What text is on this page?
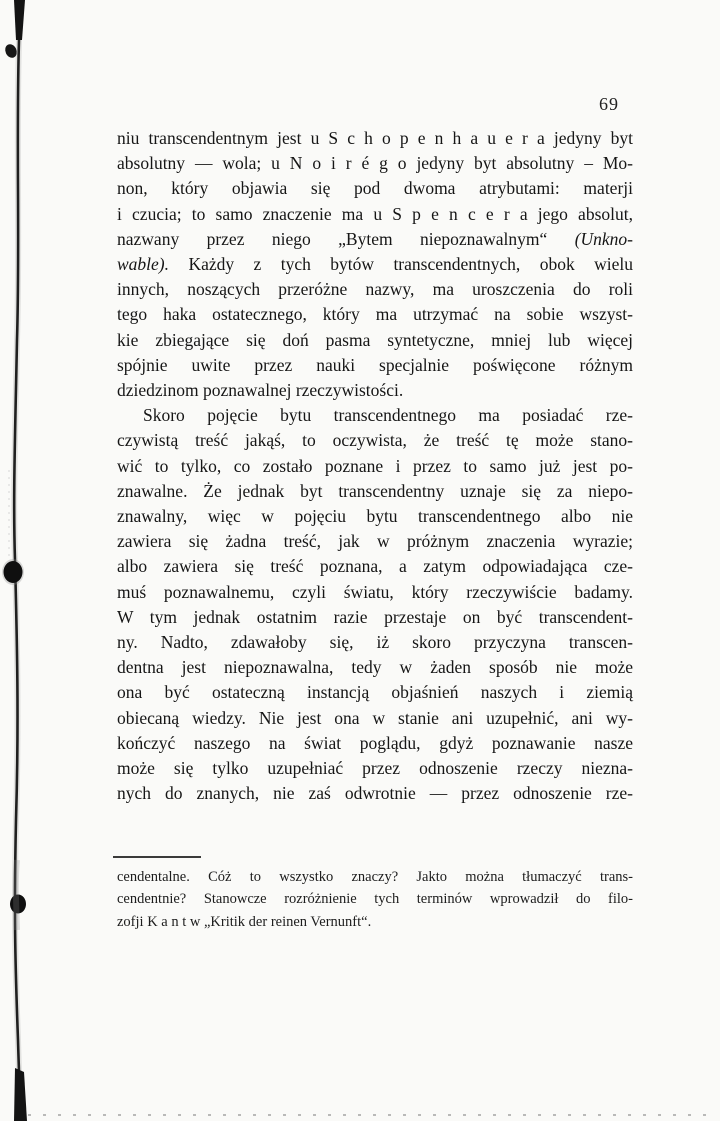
69
niu transcendentnym jest u S c h o p e n h a u e r a jedyny byt
absolutny — wola; u N o i r é g o jedyny byt absolutny – Mo-
non, który objawia się pod dwoma atrybutami: materji
i czucia; to samo znaczenie ma u S p e n c e r a jego absolut,
nazwany przez niego „Bytem niepoznawalnym“ (Unkno-
wable). Każdy z tych bytów transcendentnych, obok wielu
innych, noszących przeróżne nazwy, ma uroszczenia do roli
tego haka ostatecznego, który ma utrzymać na sobie wszyst-
kie zbiegające się doń pasma syntetyczne, mniej lub więcej
spójnie uwite przez nauki specjalnie poświęcone różnym
dziedzinom poznawalnej rzeczywistości.
Skoro pojęcie bytu transcendentnego ma posiadać rze-
czywistą treść jakąś, to oczywista, że treść tę może stano-
wić to tylko, co zostało poznane i przez to samo już jest po-
znawalne. Że jednak byt transcendentny uznaje się za niepo-
znawalny, więc w pojęciu bytu transcendentnego albo nie
zawiera się żadna treść, jak w próżnym znaczenia wyrazie;
albo zawiera się treść poznana, a zatym odpowiadająca cze-
muś poznawalnemu, czyli światu, który rzeczywiście badamy.
W tym jednak ostatnim razie przestaje on być transcendent-
ny. Nadto, zdawałoby się, iż skoro przyczyna transcen-
dentna jest niepoznawalna, tedy w żaden sposób nie może
ona być ostateczną instancją objaśnień naszych i ziemią
obiecaną wiedzy. Nie jest ona w stanie ani uzupełnić, ani wy-
kończyć naszego na świat poglądu, gdyż poznawanie nasze
może się tylko uzupełniać przez odnoszenie rzeczy niezna-
nych do znanych, nie zaś odwrotnie — przez odnoszenie rze-
cendentalne. Cóż to wszystko znaczy? Jakto można tłumaczyć trans-
cendentnie? Stanowcze rozróżnienie tych terminów wprowadził do filo-
zofji K a n t w „Kritik der reinen Vernunft“.
